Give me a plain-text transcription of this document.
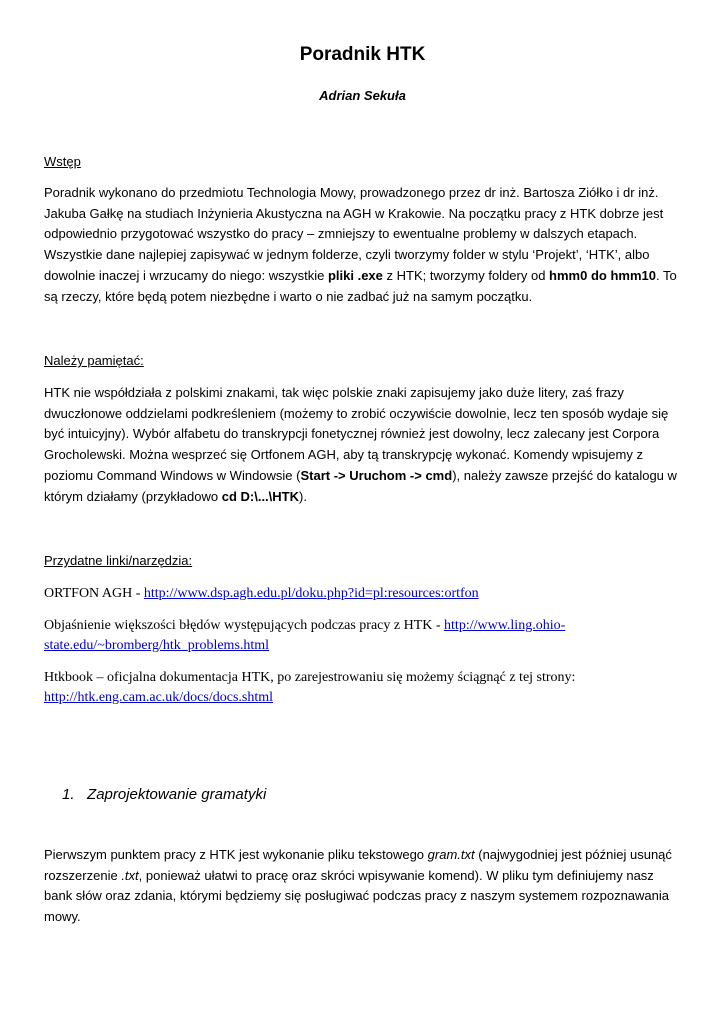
Poradnik HTK
Adrian Sekuła
Wstęp

Poradnik wykonano do przedmiotu Technologia Mowy, prowadzonego przez dr inż. Bartosza Ziółko i dr inż. Jakuba Gałkę na studiach Inżynieria Akustyczna na AGH w Krakowie. Na początku pracy z HTK dobrze jest odpowiednio przygotować wszystko do pracy – zmniejszy to ewentualne problemy w dalszych etapach. Wszystkie dane najlepiej zapisywać w jednym folderze, czyli tworzymy folder w stylu ‘Projekt’, ‘HTK’, albo dowolnie inaczej i wrzucamy do niego: wszystkie pliki .exe z HTK; tworzymy foldery od hmm0 do hmm10. To są rzeczy, które będą potem niezbędne i warto o nie zadbać już na samym początku.

Należy pamiętać:

HTK nie współdziała z polskimi znakami, tak więc polskie znaki zapisujemy jako duże litery, zaś frazy dwuczłonowe oddzielami podkreśleniem (możemy to zrobić oczywiście dowolnie, lecz ten sposób wydaje się być intuicyjny). Wybór alfabetu do transkrypcji fonetycznej również jest dowolny, lecz zalecany jest Corpora Grocholewski. Można wesprzeć się Ortfonem AGH, aby tą transkrypcję wykonać. Komendy wpisujemy z poziomu Command Windows w Windowsie (Start -> Uruchom -> cmd), należy zawsze przejść do katalogu w którym działamy (przykładowo cd D:\...\HTK).

Przydatne linki/narzędzia:
ORTFON AGH - http://www.dsp.agh.edu.pl/doku.php?id=pl:resources:ortfon
Objaśnienie większości błędów występujących podczas pracy z HTK - http://www.ling.ohio-state.edu/~bromberg/htk_problems.html
Htkbook – oficjalna dokumentacja HTK, po zarejestrowaniu się możemy ściągnąć z tej strony: http://htk.eng.cam.ac.uk/docs/docs.shtml
1. Zaprojektowanie gramatyki

Pierwszym punktem pracy z HTK jest wykonanie pliku tekstowego gram.txt (najwygodniej jest później usunąć rozszerzenie .txt, ponieważ ułatwi to pracę oraz skróci wpisywanie komend). W pliku tym definiujemy nasz bank słów oraz zdania, którymi będziemy się posługiwać podczas pracy z naszym systemem rozpoznawania mowy.
